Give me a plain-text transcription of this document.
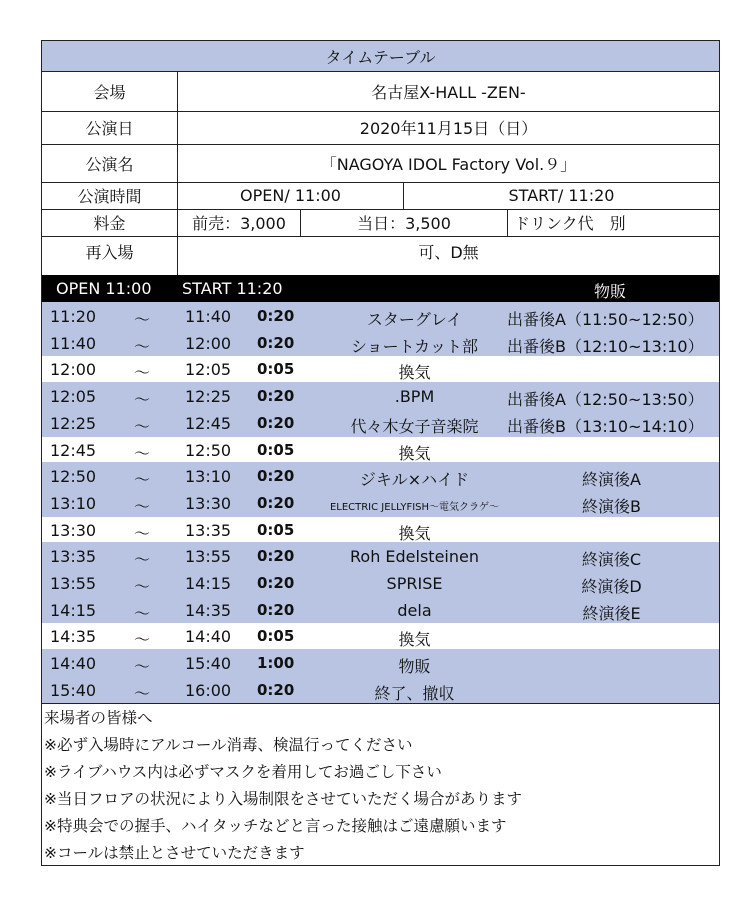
タイムテーブル
会場	名古屋X-HALL -ZEN-
公演日	2020年11月15日（日）
公演名	「NAGOYA IDOL Factory Vol.９」
公演時間	OPEN/ 11:00	START/ 11:20
料金	前売：3,000	当日：3,500	ドリンク代　別
再入場	可、D無
OPEN 11:00 START 11:20	物販
11:20 〜 11:40 0:20	スターグレイ	出番後A（11:50~12:50）
11:40 〜 12:00 0:20	ショートカット部	出番後B（12:10~13:10）
12:00 〜 12:05 0:05	換気
12:05 〜 12:25 0:20	.BPM	出番後A（12:50~13:50）
12:25 〜 12:45 0:20	代々木女子音楽院	出番後B（13:10~14:10）
12:45 〜 12:50 0:05	換気
12:50 〜 13:10 0:20	ジキル×ハイド	終演後A
13:10 〜 13:30 0:20	ELECTRIC JELLYFISH〜電気クラゲ〜	終演後B
13:30 〜 13:35 0:05	換気
13:35 〜 13:55 0:20	Roh Edelsteinen	終演後C
13:55 〜 14:15 0:20	SPRISE	終演後D
14:15 〜 14:35 0:20	dela	終演後E
14:35 〜 14:40 0:05	換気
14:40 〜 15:40 1:00	物販
15:40 〜 16:00 0:20	終了、撤収
来場者の皆様へ
※必ず入場時にアルコール消毒、検温行ってください
※ライブハウス内は必ずマスクを着用してお過ごし下さい
※当日フロアの状況により入場制限をさせていただく場合があります
※特典会での握手、ハイタッチなどと言った接触はご遠慮願います
※コールは禁止とさせていただきます
